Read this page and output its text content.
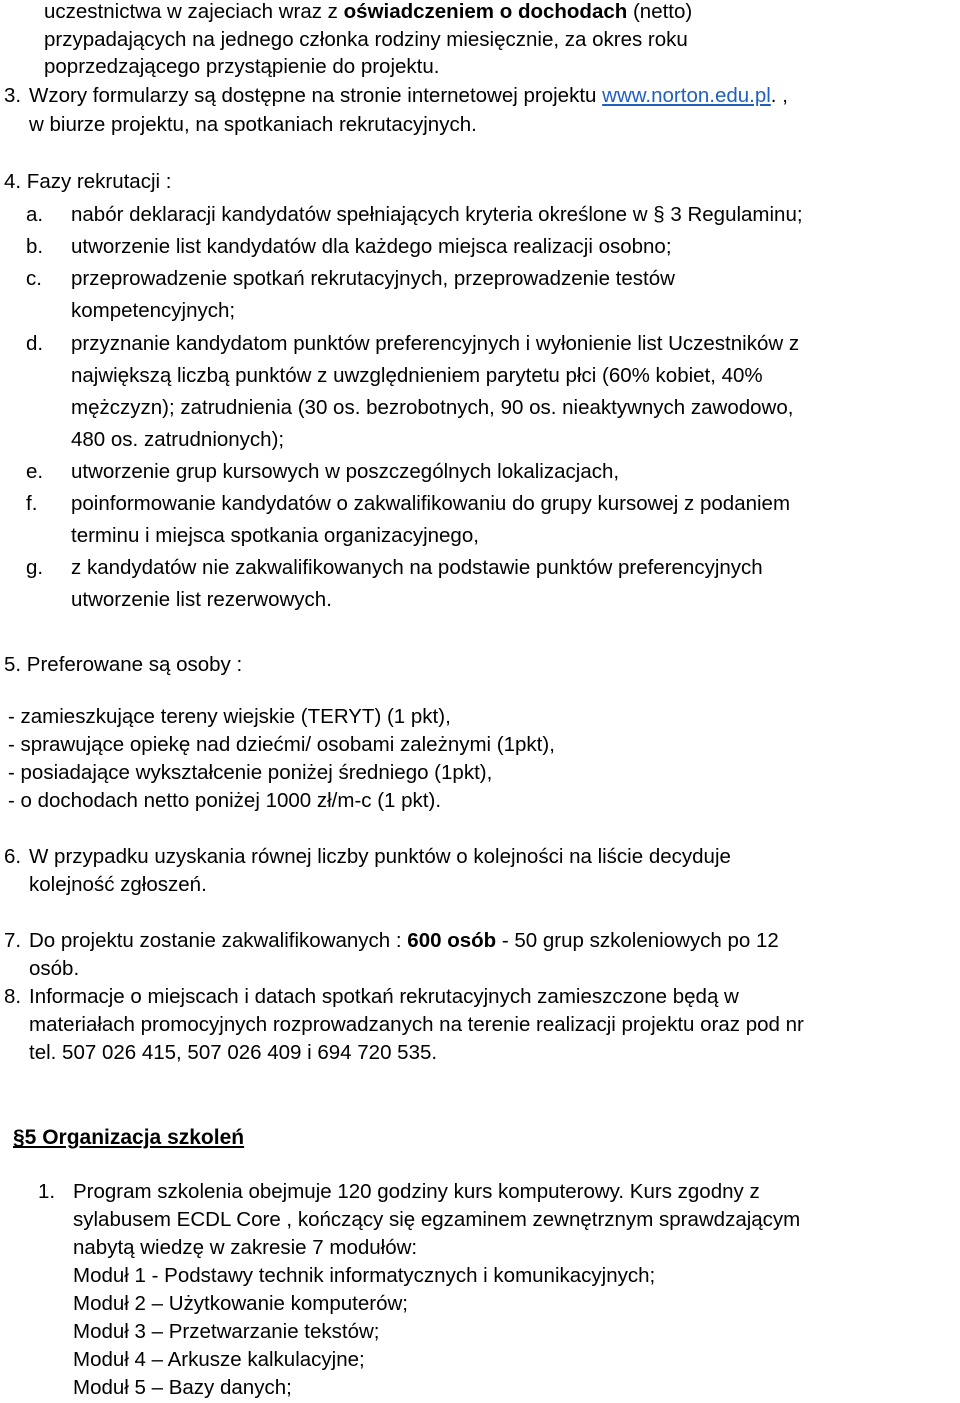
uczestnictwa w zajeciach wraz z oświadczeniem o dochodach (netto)
przypadających na jednego członka rodziny miesięcznie, za okres roku
poprzedzającego przystąpienie do projektu.
3. Wzory formularzy są dostępne na stronie internetowej projektu www.norton.edu.pl. ,
w biurze projektu, na spotkaniach rekrutacyjnych.
4. Fazy rekrutacji :
a. nabór deklaracji kandydatów spełniających kryteria określone w § 3 Regulaminu;
b. utworzenie list kandydatów dla każdego miejsca realizacji osobno;
c. przeprowadzenie spotkań rekrutacyjnych, przeprowadzenie testów
kompetencyjnych;
d. przyznanie kandydatom punktów preferencyjnych i wyłonienie list Uczestników z
największą liczbą punktów z uwzględnieniem parytetu płci (60% kobiet, 40%
mężczyzn); zatrudnienia (30 os. bezrobotnych, 90 os. nieaktywnych zawodowo,
480 os. zatrudnionych);
e. utworzenie grup kursowych w poszczególnych lokalizacjach,
f. poinformowanie kandydatów o zakwalifikowaniu do grupy kursowej z podaniem
terminu i miejsca spotkania organizacyjnego,
g. z kandydatów nie zakwalifikowanych na podstawie punktów preferencyjnych
utworzenie list rezerwowych.
5. Preferowane są osoby :
- zamieszkujące tereny wiejskie (TERYT) (1 pkt),
- sprawujące opiekę nad dziećmi/ osobami zależnymi (1pkt),
- posiadające wykształcenie poniżej średniego (1pkt),
- o dochodach netto poniżej 1000 zł/m-c (1 pkt).
6. W przypadku uzyskania równej liczby punktów o kolejności na liście decyduje
kolejność zgłoszeń.
7. Do projektu zostanie zakwalifikowanych : 600 osób - 50 grup szkoleniowych po 12
osób.
8. Informacje o miejscach i datach spotkań rekrutacyjnych zamieszczone będą w
materiałach promocyjnych rozprowadzanych na terenie realizacji projektu oraz pod nr
tel. 507 026 415, 507 026 409 i 694 720 535.
§5 Organizacja szkoleń
1. Program szkolenia obejmuje 120 godziny kurs komputerowy. Kurs zgodny z
sylabusem ECDL Core , kończący się egzaminem zewnętrznym sprawdzającym
nabytą wiedzę w zakresie 7 modułów:
Moduł 1 - Podstawy technik informatycznych i komunikacyjnych;
Moduł 2 – Użytkowanie komputerów;
Moduł 3 – Przetwarzanie tekstów;
Moduł 4 – Arkusze kalkulacyjne;
Moduł 5 – Bazy danych;
